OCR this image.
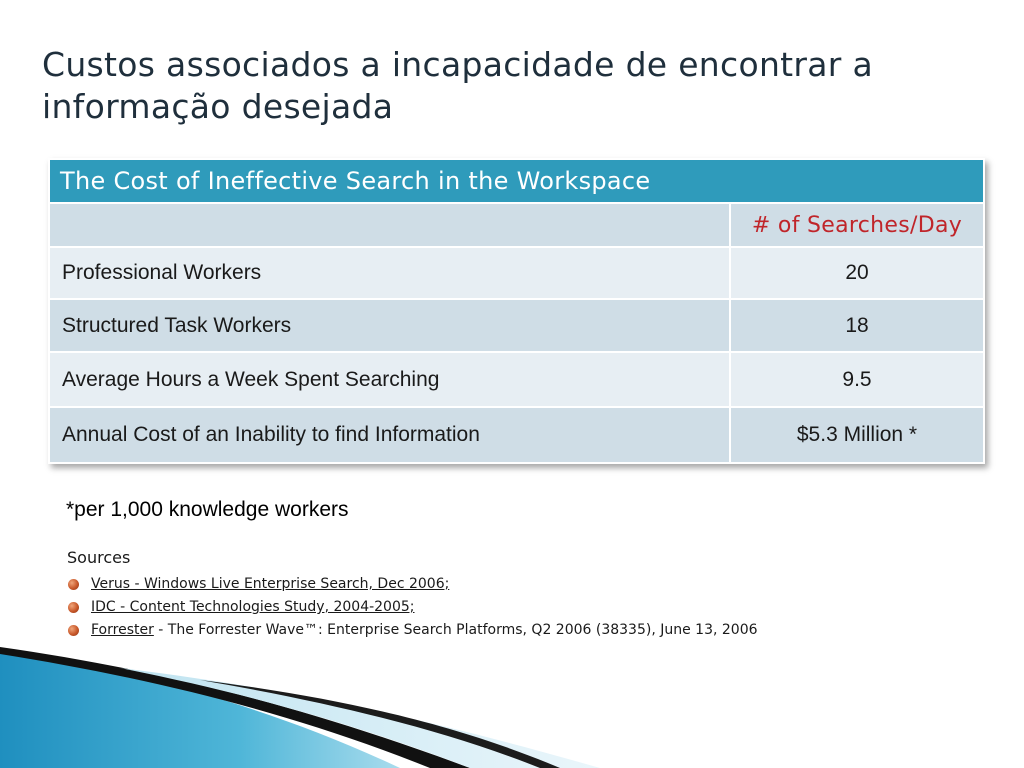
Custos associados a incapacidade de encontrar a
informação desejada
The Cost of Ineffective Search in the Workspace	
	# of Searches/Day
Professional Workers	20
Structured Task Workers	18
Average Hours a Week Spent Searching	9.5
Annual Cost of an Inability to find Information	$5.3 Million *
*per 1,000 knowledge workers
Sources
Verus - Windows Live Enterprise Search, Dec 2006;
IDC - Content Technologies Study, 2004-2005;
Forrester - The Forrester Wave™: Enterprise Search Platforms, Q2 2006 (38335), June 13, 2006
